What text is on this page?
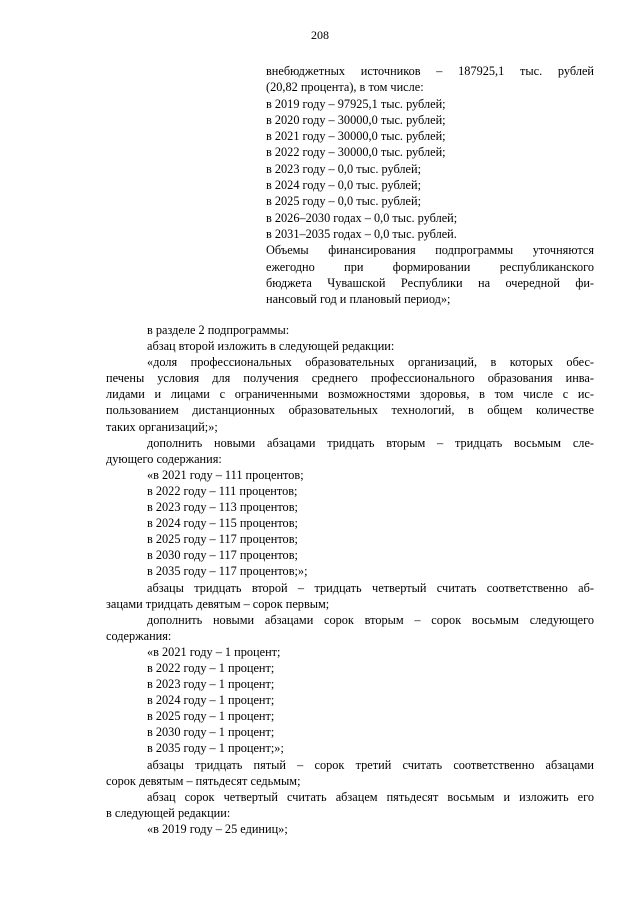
208
внебюджетных источников – 187925,1 тыс. рублей
(20,82 процента), в том числе:
в 2019 году – 97925,1 тыс. рублей;
в 2020 году – 30000,0 тыс. рублей;
в 2021 году – 30000,0 тыс. рублей;
в 2022 году – 30000,0 тыс. рублей;
в 2023 году – 0,0 тыс. рублей;
в 2024 году – 0,0 тыс. рублей;
в 2025 году – 0,0 тыс. рублей;
в 2026–2030 годах – 0,0 тыс. рублей;
в 2031–2035 годах – 0,0 тыс. рублей.
Объемы финансирования подпрограммы уточняются
ежегодно при формировании республиканского
бюджета Чувашской Республики на очередной фи-
нансовый год и плановый период»;
в разделе 2 подпрограммы:
абзац второй изложить в следующей редакции:
«доля профессиональных образовательных организаций, в которых обес-
печены условия для получения среднего профессионального образования инва-
лидами и лицами с ограниченными возможностями здоровья, в том числе с ис-
пользованием дистанционных образовательных технологий, в общем количестве
таких организаций;»;
дополнить новыми абзацами тридцать вторым – тридцать восьмым сле-
дующего содержания:
«в 2021 году – 111 процентов;
в 2022 году – 111 процентов;
в 2023 году – 113 процентов;
в 2024 году – 115 процентов;
в 2025 году – 117 процентов;
в 2030 году – 117 процентов;
в 2035 году – 117 процентов;»;
абзацы тридцать второй – тридцать четвертый считать соответственно аб-
зацами тридцать девятым – сорок первым;
дополнить новыми абзацами сорок вторым – сорок восьмым следующего
содержания:
«в 2021 году – 1 процент;
в 2022 году – 1 процент;
в 2023 году – 1 процент;
в 2024 году – 1 процент;
в 2025 году – 1 процент;
в 2030 году – 1 процент;
в 2035 году – 1 процент;»;
абзацы тридцать пятый – сорок третий считать соответственно абзацами
сорок девятым – пятьдесят седьмым;
абзац сорок четвертый считать абзацем пятьдесят восьмым и изложить его
в следующей редакции:
«в 2019 году – 25 единиц»;
